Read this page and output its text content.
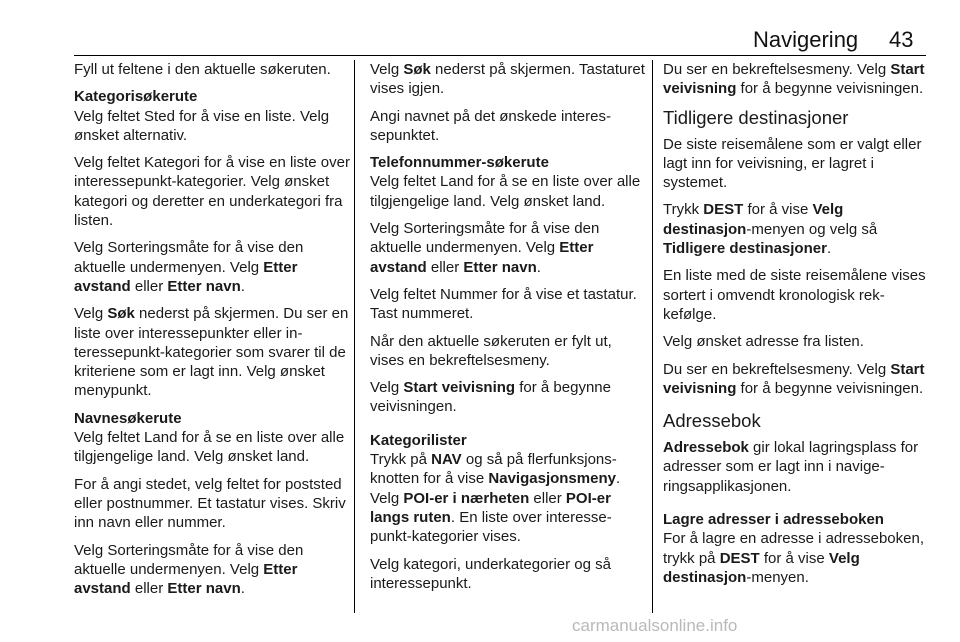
Navigering 43

Fyll ut feltene i den aktuelle søkeruten.

Kategorisøkerute

Velg feltet Sted for å vise en liste. Velg ønsket alternativ.

Velg feltet Kategori for å vise en liste over interessepunkt-kategorier. Velg ønsket kategori og deretter en underkategori fra listen.

Velg Sorteringsmåte for å vise den aktuelle undermenyen. Velg Etter avstand eller Etter navn.

Velg Søk nederst på skjermen. Du ser en liste over interessepunkter eller interessepunkt-kategorier som svarer til de kriteriene som er lagt inn. Velg ønsket menypunkt.

Navnesøkerute

Velg feltet Land for å se en liste over alle tilgjengelige land. Velg ønsket land.

For å angi stedet, velg feltet for poststed eller postnummer. Et tastatur vises. Skriv inn navn eller nummer.

Velg Sorteringsmåte for å vise den aktuelle undermenyen. Velg Etter avstand eller Etter navn.

Velg Søk nederst på skjermen. Tastaturet vises igjen.

Angi navnet på det ønskede interessepunktet.

Telefonnummer-søkerute

Velg feltet Land for å se en liste over alle tilgjengelige land. Velg ønsket land.

Velg Sorteringsmåte for å vise den aktuelle undermenyen. Velg Etter avstand eller Etter navn.

Velg feltet Nummer for å vise et tastatur. Tast nummeret.

Når den aktuelle søkeruten er fylt ut, vises en bekreftelsesmeny.

Velg Start veivisning for å begynne veivisningen.

Kategorilister

Trykk på NAV og så på flerfunksjonsknotten for å vise Navigasjonsmeny. Velg POI-er i nærheten eller POI-er langs ruten. En liste over interessepunkt-kategorier vises.

Velg kategori, underkategorier og så interessepunkt.

Du ser en bekreftelsesmeny. Velg Start veivisning for å begynne veivisningen.

Tidligere destinasjoner

De siste reisemålene som er valgt eller lagt inn for veivisning, er lagret i systemet.

Trykk DEST for å vise Velg destinasjon-menyen og velg så Tidligere destinasjoner.

En liste med de siste reisemålene vises sortert i omvendt kronologisk rekkefølge.

Velg ønsket adresse fra listen.

Du ser en bekreftelsesmeny. Velg Start veivisning for å begynne veivisningen.

Adressebok

Adressebok gir lokal lagringsplass for adresser som er lagt inn i navigeringsapplikasjonen.

Lagre adresser i adresseboken

For å lagre en adresse i adresseboken, trykk på DEST for å vise Velg destinasjon-menyen.

carmanualsonline.info
